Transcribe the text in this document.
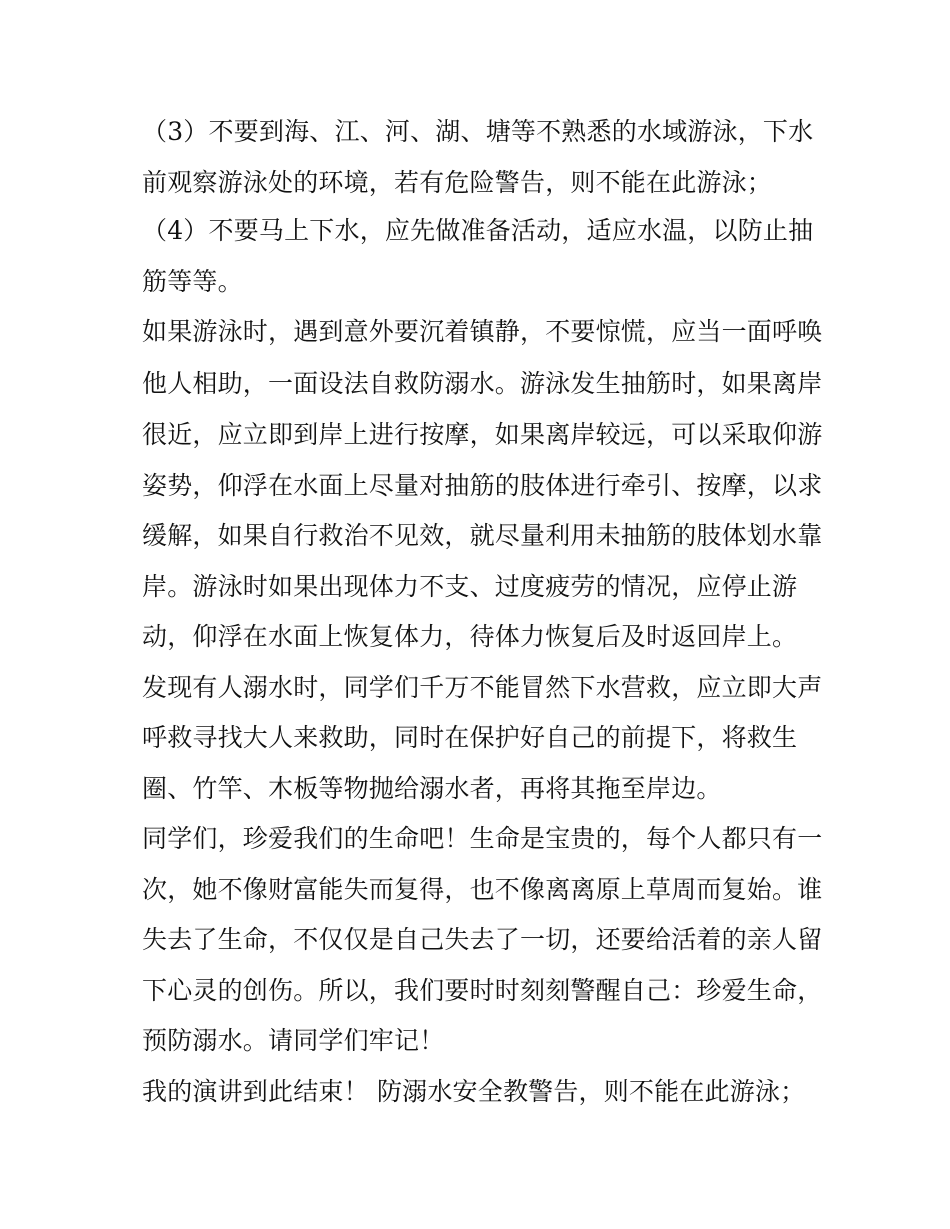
（3）不要到海、江、河、湖、塘等不熟悉的水域游泳，下水
前观察游泳处的环境，若有危险警告，则不能在此游泳；
（4）不要马上下水，应先做准备活动，适应水温，以防止抽
筋等等。
如果游泳时，遇到意外要沉着镇静，不要惊慌，应当一面呼唤
他人相助，一面设法自救防溺水。游泳发生抽筋时，如果离岸
很近，应立即到岸上进行按摩，如果离岸较远，可以采取仰游
姿势，仰浮在水面上尽量对抽筋的肢体进行牵引、按摩，以求
缓解，如果自行救治不见效，就尽量利用未抽筋的肢体划水靠
岸。游泳时如果出现体力不支、过度疲劳的情况，应停止游
动，仰浮在水面上恢复体力，待体力恢复后及时返回岸上。
发现有人溺水时，同学们千万不能冒然下水营救，应立即大声
呼救寻找大人来救助，同时在保护好自己的前提下，将救生
圈、竹竿、木板等物抛给溺水者，再将其拖至岸边。
同学们，珍爱我们的生命吧！生命是宝贵的，每个人都只有一
次，她不像财富能失而复得，也不像离离原上草周而复始。谁
失去了生命，不仅仅是自己失去了一切，还要给活着的亲人留
下心灵的创伤。所以，我们要时时刻刻警醒自己：珍爱生命，
预防溺水。请同学们牢记！
我的演讲到此结束！ 防溺水安全教警告，则不能在此游泳；
